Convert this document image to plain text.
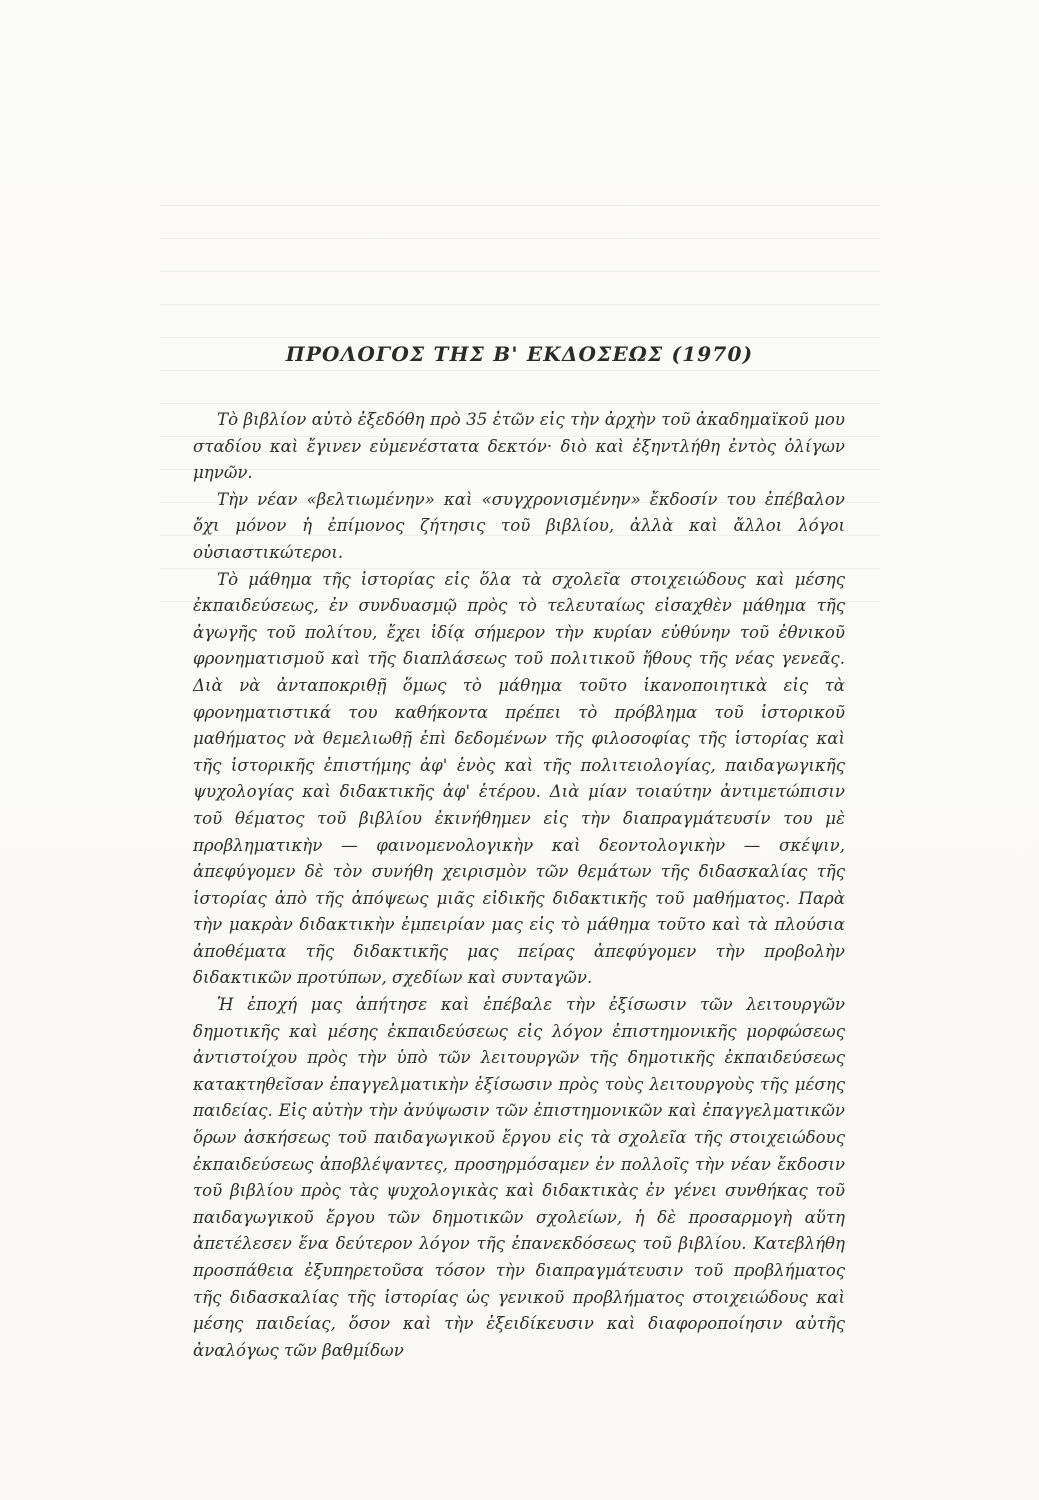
ΠΡΟΛΟΓΟΣ ΤΗΣ Β' ΕΚΔΟΣΕΩΣ (1970)

Τὸ βιβλίον αὐτὸ ἐξεδόθη πρὸ 35 ἐτῶν εἰς τὴν ἀρχὴν τοῦ ἀκαδημαϊκοῦ μου σταδίου καὶ ἔγινεν εὐμενέστατα δεκτόν· διὸ καὶ ἐξηντλήθη ἐντὸς ὀλίγων μηνῶν.

Τὴν νέαν «βελτιωμένην» καὶ «συγχρονισμένην» ἔκδοσίν του ἐπέβαλον ὄχι μόνον ἡ ἐπίμονος ζήτησις τοῦ βιβλίου, ἀλλὰ καὶ ἄλλοι λόγοι οὐσιαστικώτεροι.

Τὸ μάθημα τῆς ἱστορίας εἰς ὅλα τὰ σχολεῖα στοιχειώδους καὶ μέσης ἐκπαιδεύσεως, ἐν συνδυασμῷ πρὸς τὸ τελευταίως εἰσαχθὲν μάθημα τῆς ἀγωγῆς τοῦ πολίτου, ἔχει ἰδίᾳ σήμερον τὴν κυρίαν εὐθύνην τοῦ ἐθνικοῦ φρονηματισμοῦ καὶ τῆς διαπλάσεως τοῦ πολιτικοῦ ἤθους τῆς νέας γενεᾶς. Διὰ νὰ ἀνταποκριθῇ ὅμως τὸ μάθημα τοῦτο ἱκανοποιητικὰ εἰς τὰ φρονηματιστικά του καθήκοντα πρέπει τὸ πρόβλημα τοῦ ἱστορικοῦ μαθήματος νὰ θεμελιωθῇ ἐπὶ δεδομένων τῆς φιλοσοφίας τῆς ἱστορίας καὶ τῆς ἱστορικῆς ἐπιστήμης ἀφ' ἑνὸς καὶ τῆς πολιτειολογίας, παιδαγωγικῆς ψυχολογίας καὶ διδακτικῆς ἀφ' ἑτέρου. Διὰ μίαν τοιαύτην ἀντιμετώπισιν τοῦ θέματος τοῦ βιβλίου ἐκινήθημεν εἰς τὴν διαπραγμάτευσίν του μὲ προβληματικὴν — φαινομενολογικὴν καὶ δεοντολογικὴν — σκέψιν, ἀπεφύγομεν δὲ τὸν συνήθη χειρισμὸν τῶν θεμάτων τῆς διδασκαλίας τῆς ἱστορίας ἀπὸ τῆς ἀπόψεως μιᾶς εἰδικῆς διδακτικῆς τοῦ μαθήματος. Παρὰ τὴν μακρὰν διδακτικὴν ἐμπειρίαν μας εἰς τὸ μάθημα τοῦτο καὶ τὰ πλούσια ἀποθέματα τῆς διδακτικῆς μας πείρας ἀπεφύγομεν τὴν προβολὴν διδακτικῶν προτύπων, σχεδίων καὶ συνταγῶν.

Ἡ ἐποχή μας ἀπήτησε καὶ ἐπέβαλε τὴν ἐξίσωσιν τῶν λειτουργῶν δημοτικῆς καὶ μέσης ἐκπαιδεύσεως εἰς λόγον ἐπιστημονικῆς μορφώσεως ἀντιστοίχου πρὸς τὴν ὑπὸ τῶν λειτουργῶν τῆς δημοτικῆς ἐκπαιδεύσεως κατακτηθεῖσαν ἐπαγγελματικὴν ἐξίσωσιν πρὸς τοὺς λειτουργοὺς τῆς μέσης παιδείας. Εἰς αὐτὴν τὴν ἀνύψωσιν τῶν ἐπιστημονικῶν καὶ ἐπαγγελματικῶν ὅρων ἀσκήσεως τοῦ παιδαγωγικοῦ ἔργου εἰς τὰ σχολεῖα τῆς στοιχειώδους ἐκπαιδεύσεως ἀποβλέψαντες, προσηρμόσαμεν ἐν πολλοῖς τὴν νέαν ἔκδοσιν τοῦ βιβλίου πρὸς τὰς ψυχολογικὰς καὶ διδακτικὰς ἐν γένει συνθήκας τοῦ παιδαγωγικοῦ ἔργου τῶν δημοτικῶν σχολείων, ἡ δὲ προσαρμογὴ αὕτη ἀπετέλεσεν ἕνα δεύτερον λόγον τῆς ἐπανεκδόσεως τοῦ βιβλίου. Κατεβλήθη προσπάθεια ἐξυπηρετοῦσα τόσον τὴν διαπραγμάτευσιν τοῦ προβλήματος τῆς διδασκαλίας τῆς ἱστορίας ὡς γενικοῦ προβλήματος στοιχειώδους καὶ μέσης παιδείας, ὅσον καὶ τὴν ἐξειδίκευσιν καὶ διαφοροποίησιν αὐτῆς ἀναλόγως τῶν βαθμίδων
